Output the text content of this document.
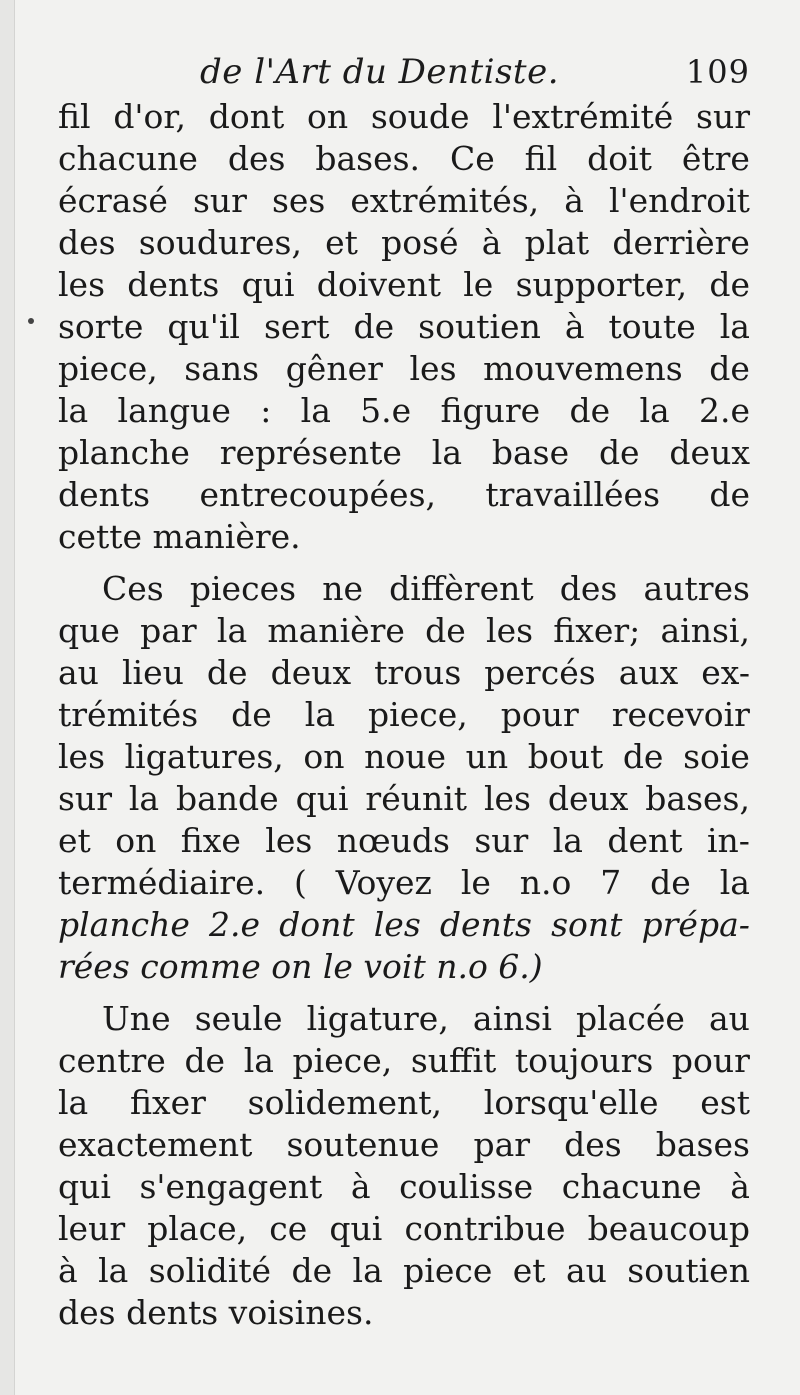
de l'Art du Dentiste.	109
fil d'or, dont on soude l'extrémité sur
chacune des bases. Ce fil doit être
écrasé sur ses extrémités, à l'endroit
des soudures, et posé à plat derrière
les dents qui doivent le supporter, de
sorte qu'il sert de soutien à toute la
piece, sans gêner les mouvemens de
la langue : la 5.e figure de la 2.e
planche représente la base de deux
dents entrecoupées, travaillées de
cette manière.
Ces pieces ne diffèrent des autres
que par la manière de les fixer; ainsi,
au lieu de deux trous percés aux ex-
trémités de la piece, pour recevoir
les ligatures, on noue un bout de soie
sur la bande qui réunit les deux bases,
et on fixe les nœuds sur la dent in-
termédiaire. ( Voyez le n.o 7 de la
planche 2.e dont les dents sont prépa-
rées comme on le voit n.o 6.)
Une seule ligature, ainsi placée au
centre de la piece, suffit toujours pour
la fixer solidement, lorsqu'elle est
exactement soutenue par des bases
qui s'engagent à coulisse chacune à
leur place, ce qui contribue beaucoup
à la solidité de la piece et au soutien
des dents voisines.
